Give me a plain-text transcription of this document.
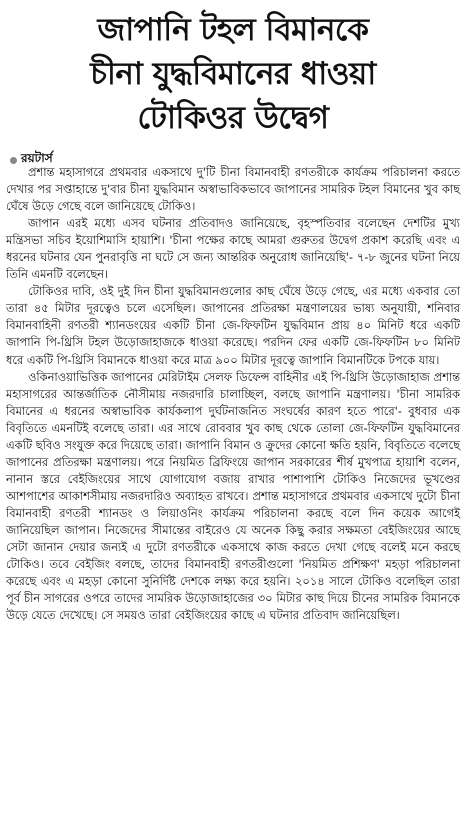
জাপানি টহল বিমানকে
চীনা যুদ্ধবিমানের ধাওয়া
টোকিওর উদ্বেগ
রয়টার্স

প্রশান্ত মহাসাগরে প্রথমবার একসাথে দু'টি চীনা বিমানবাহী রণতরীকে কার্যক্রম পরিচালনা করতে দেখার পর সপ্তাহান্তে দু'বার চীনা যুদ্ধবিমান অস্বাভাবিকভাবে জাপানের সামরিক টহল বিমানের খুব কাছ ঘেঁষে উড়ে গেছে বলে জানিয়েছে টোকিও।

জাপান এরই মধ্যে এসব ঘটনার প্রতিবাদও জানিয়েছে, বৃহস্পতিবার বলেছেন দেশটির মুখ্য মন্ত্রিসভা সচিব ইয়োশিমাসি হায়াশি। 'চীনা পক্ষের কাছে আমরা গুরুতর উদ্বেগ প্রকাশ করেছি এবং এ ধরনের ঘটনার যেন পুনরাবৃত্তি না ঘটে সে জন্য আন্তরিক অনুরোধ জানিয়েছি'- ৭-৮ জুনের ঘটনা নিয়ে তিনি এমনটি বলেছেন।

টোকিওর দাবি, ওই দুই দিন চীনা যুদ্ধবিমানগুলোর কাছ ঘেঁষে উড়ে গেছে, এর মধ্যে একবার তো তারা ৪৫ মিটার দূরত্বেও চলে এসেছিল। জাপানের প্রতিরক্ষা মন্ত্রণালয়ের ভাষ্য অনুযায়ী, শনিবার বিমানবাহিনী রণতরী শ্যানডংয়ের একটি চীনা জে-ফিফটিন যুদ্ধবিমান প্রায় ৪০ মিনিট ধরে একটি জাপানি পি-থ্রিসি টহল উড়োজাহাজকে ধাওয়া করেছে। পরদিন ফের একটি জে-ফিফটিন ৮০ মিনিট ধরে একটি পি-থ্রিসি বিমানকে ধাওয়া করে মাত্র ৯০০ মিটার দূরত্বে জাপানি বিমানটিকে টপকে যায়।

ওকিনাওয়াভিত্তিক জাপানের মেরিটাইম সেলফ ডিফেন্স বাহিনীর এই পি-থ্রিসি উড়োজাহাজ প্রশান্ত মহাসাগরের আন্তর্জাতিক নৌসীমায় নজরদারি চালাচ্ছিল, বলছে জাপানি মন্ত্রণালয়। 'চীনা সামরিক বিমানের এ ধরনের অস্বাভাবিক কার্যকলাপ দুর্ঘটনাজনিত সংঘর্ষের কারণ হতে পারে'- বুধবার এক বিবৃতিতে এমনটিই বলেছে তারা। এর সাথে রোববার খুব কাছ থেকে তোলা জে-ফিফটিন যুদ্ধবিমানের একটি ছবিও সংযুক্ত করে দিয়েছে তারা। জাপানি বিমান ও ক্রুদের কোনো ক্ষতি হয়নি, বিবৃতিতে বলেছে জাপানের প্রতিরক্ষা মন্ত্রণালয়। পরে নিয়মিত ব্রিফিংয়ে জাপান সরকারের শীর্ষ মুখপাত্র হায়াশি বলেন, নানান স্তরে বেইজিংয়ের সাথে যোগাযোগ বজায় রাখার পাশাপাশি টোকিও নিজেদের ভূখণ্ডের আশপাশের আকাশসীমায় নজরদারিও অব্যাহত রাখবে। প্রশান্ত মহাসাগরে প্রথমবার একসাথে দুটো চীনা বিমানবাহী রণতরী শ্যানডং ও লিয়াওনিং কার্যক্রম পরিচালনা করছে বলে দিন কয়েক আগেই জানিয়েছিল জাপান। নিজেদের সীমান্তের বাইরেও যে অনেক কিছু করার সক্ষমতা বেইজিংয়ের আছে সেটা জানান দেয়ার জন্যই এ দুটো রণতরীকে একসাথে কাজ করতে দেখা গেছে বলেই মনে করছে টোকিও। তবে বেইজিং বলছে, তাদের বিমানবাহী রণতরীগুলো 'নিয়মিত প্রশিক্ষণ' মহড়া পরিচালনা করেছে এবং এ মহড়া কোনো সুনির্দিষ্ট দেশকে লক্ষ্য করে হয়নি। ২০১৪ সালে টোকিও বলেছিল তারা পূর্ব চীন সাগরের ওপরে তাদের সামরিক উড়োজাহাজের ৩০ মিটার কাছ দিয়ে চীনের সামরিক বিমানকে উড়ে যেতে দেখেছে। সে সময়ও তারা বেইজিংয়ের কাছে এ ঘটনার প্রতিবাদ জানিয়েছিল।
